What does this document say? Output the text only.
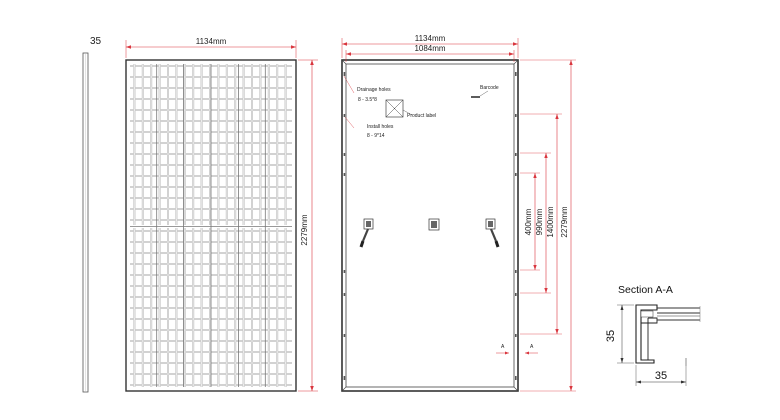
35	1134mm
2279mm
Product label
Drainage holes
8 - 3.5*8
Install holes
8 - 9*14
Barcode
A	A
1134mm
1084mm
400mm 990mm 1400mm 2279mm
Section A-A
35
35
